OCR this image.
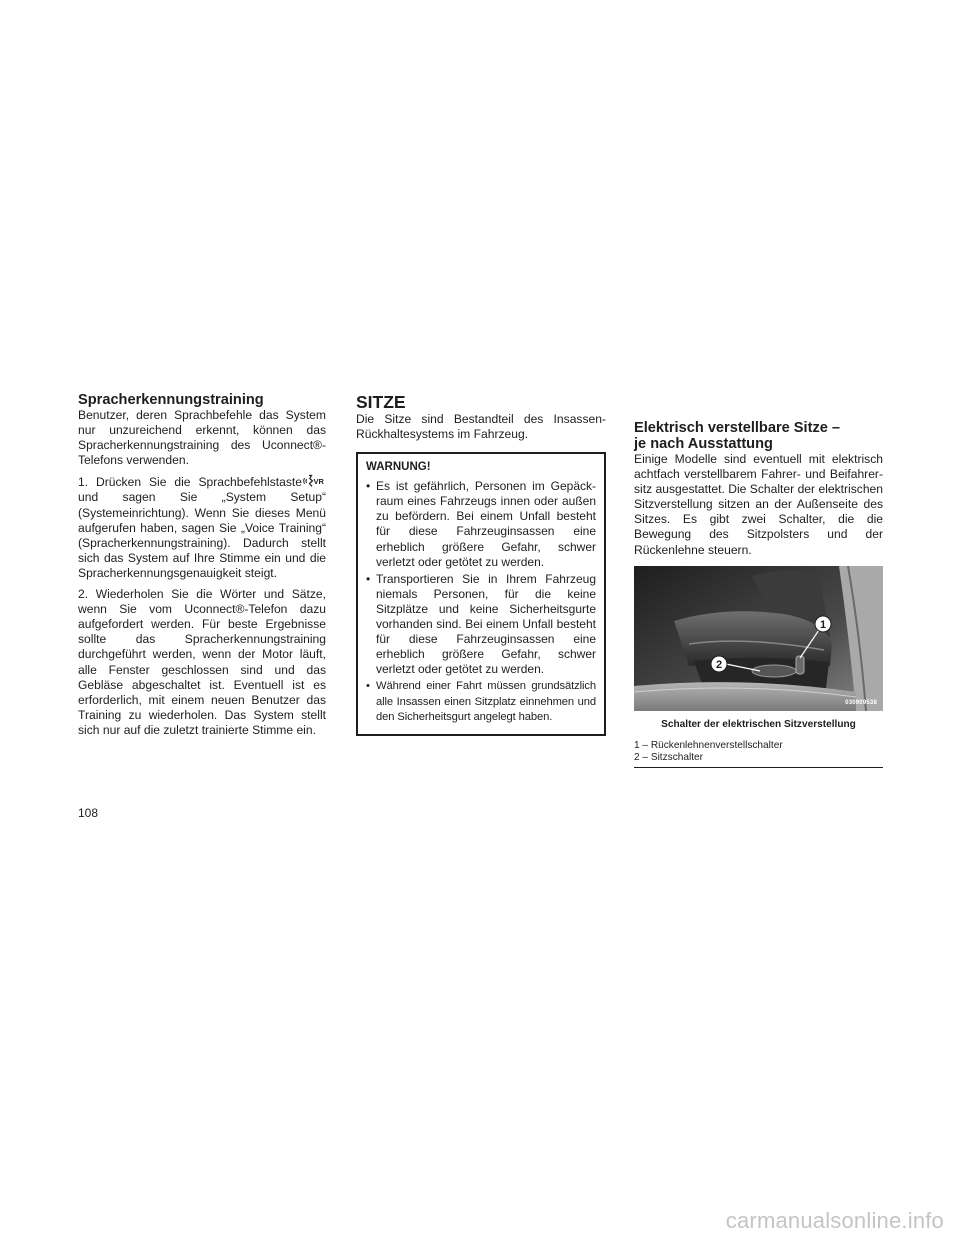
Spracherkennungstraining

Benutzer, deren Sprachbefehle das System nur unzureichend erkennt, können das Spracherkennungstraining des Uconnect®-Telefons verwenden.

1. Drücken Sie die Sprachbefehlstaste VR
und sagen Sie „System Setup“ (Systemeinrichtung). Wenn Sie dieses Menü aufgerufen haben, sagen Sie „Voice Training“ (Spracherkennungstraining). Dadurch stellt sich das System auf Ihre Stimme ein und die Spracherkennungsgenauigkeit steigt.

2. Wiederholen Sie die Wörter und Sätze, wenn Sie vom Uconnect®-Telefon dazu aufgefordert werden. Für beste Ergebnisse sollte das Spracherkennungstraining durchgeführt werden, wenn der Motor läuft, alle Fenster geschlossen sind und das Gebläse abgeschaltet ist. Eventuell ist es erforderlich, mit einem neuen Benutzer das Training zu wiederholen. Das System stellt sich nur auf die zuletzt trainierte Stimme ein.

SITZE

Die Sitze sind Bestandteil des Insassen-Rückhaltesystems im Fahrzeug.

WARNUNG!
• Es ist gefährlich, Personen im Gepäckraum eines Fahrzeugs innen oder außen zu befördern. Bei einem Unfall besteht für diese Fahrzeuginsassen eine erheblich größere Gefahr, schwer verletzt oder getötet zu werden.
• Transportieren Sie in Ihrem Fahrzeug niemals Personen, für die keine Sitzplätze und keine Sicherheitsgurte vorhanden sind. Bei einem Unfall besteht für diese Fahrzeuginsassen eine erheblich größere Gefahr, schwer verletzt oder getötet zu werden.
• Während einer Fahrt müssen grundsätzlich alle Insassen einen Sitzplatz einnehmen und den Sicherheitsgurt angelegt haben.
Elektrisch verstellbare Sitze –
je nach Ausstattung

Einige Modelle sind eventuell mit elektrisch achtfach verstellbarem Fahrer- und Beifahrersitz ausgestattet. Die Schalter der elektrischen Sitzverstellung sitzen an der Außenseite des Sitzes. Es gibt zwei Schalter, die die Bewegung des Sitzpolsters und der Rückenlehne steuern.

1
2
030909538
Schalter der elektrischen Sitzverstellung
1 – Rückenlehnenverstellschalter
2 – Sitzschalter
108
carmanualsonline.info
